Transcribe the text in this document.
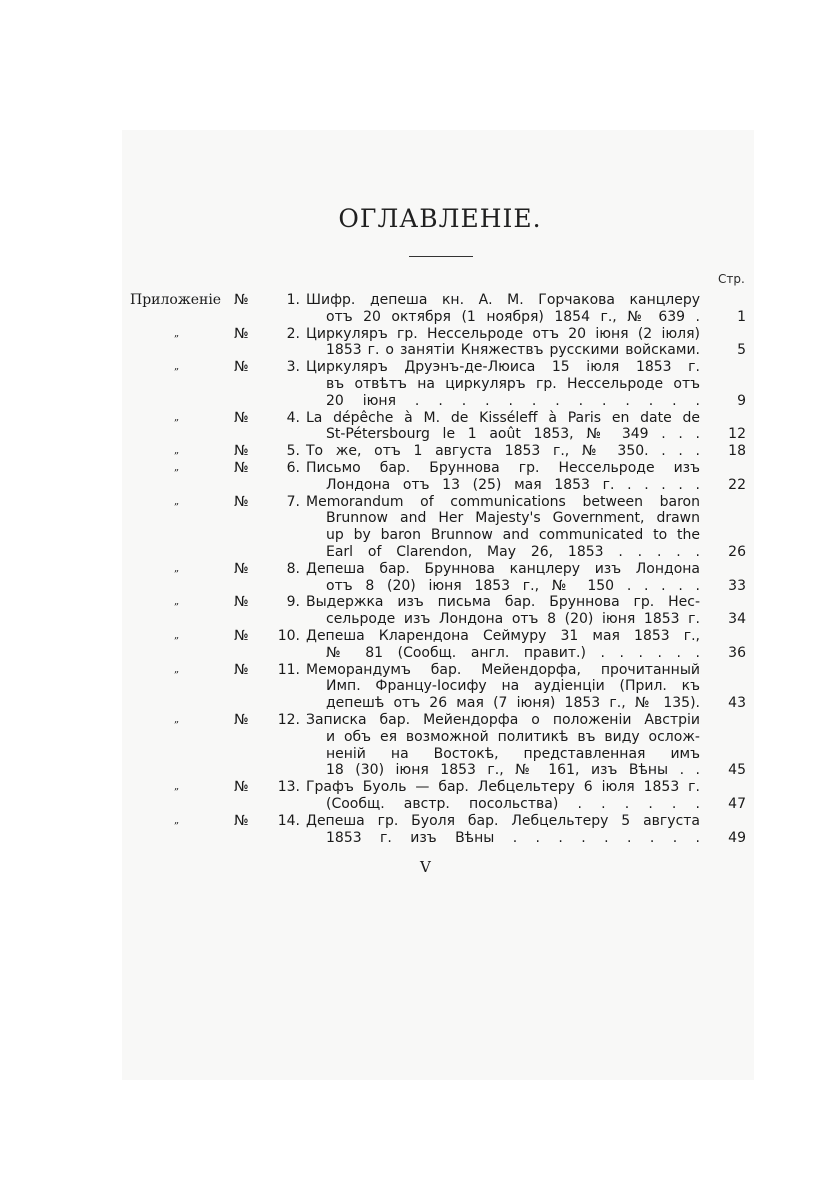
ОГЛАВЛЕНІЕ.
Стр.
Приложеніе №	1. Шифр. депеша кн. А. М. Горчакова канцлеру
отъ 20 октября (1 ноября) 1854 г., № 639 .	1
„	№	2. Циркуляръ гр. Нессельроде отъ 20 іюня (2 іюля)
1853 г. о занятіи Княжествъ русскими войсками.	5
„	№	3. Циркуляръ Друэнъ-де-Люиса 15 іюля 1853 г.
въ отвѣтъ на циркуляръ гр. Нессельроде отъ
20 іюня . . . . . . . . . . . . .	9
„	№	4. La dépêche à M. de Kisséleff à Paris en date de
St-Pétersbourg le 1 août 1853, № 349 . . . 12
„	№	5. То же, отъ 1 августа 1853 г., № 350. . . . 18
„	№	6. Письмо бар. Бруннова гр. Нессельроде изъ
Лондона отъ 13 (25) мая 1853 г. . . . . . 22
„	№	7. Memorandum of communications between baron
Brunnow and Her Majesty's Government, drawn
up by baron Brunnow and communicated to the
Earl of Clarendon, May 26, 1853 . . . . . 26
„	№	8. Депеша бар. Бруннова канцлеру изъ Лондона
отъ 8 (20) іюня 1853 г., № 150 . . . . . 33
„	№	9. Выдержка изъ письма бар. Бруннова гр. Нес-
сельроде изъ Лондона отъ 8 (20) іюня 1853 г. 34
„	№ 10. Депеша Кларендона Сеймуру 31 мая 1853 г.,
№ 81 (Сообщ. англ. правит.) . . . . . . 36
„	№ 11. Меморандумъ бар. Мейендорфа, прочитанный
Имп. Францу-Іосифу на аудіенціи (Прил. къ
депешѣ отъ 26 мая (7 іюня) 1853 г., № 135). 43
„	№ 12. Записка бар. Мейендорфа о положеніи Австріи
и объ ея возможной политикѣ въ виду ослож-
неній на Востокѣ, представленная имъ
18 (30) іюня 1853 г., № 161, изъ Вѣны . . 45
„	№ 13. Графъ Буоль — бар. Лебцельтеру 6 іюля 1853 г.
(Сообщ. австр. посольства) . . . . . . 47
„	№ 14. Депеша гр. Буоля бар. Лебцельтеру 5 августа
1853 г. изъ Вѣны . . . . . . . . . 49
V
